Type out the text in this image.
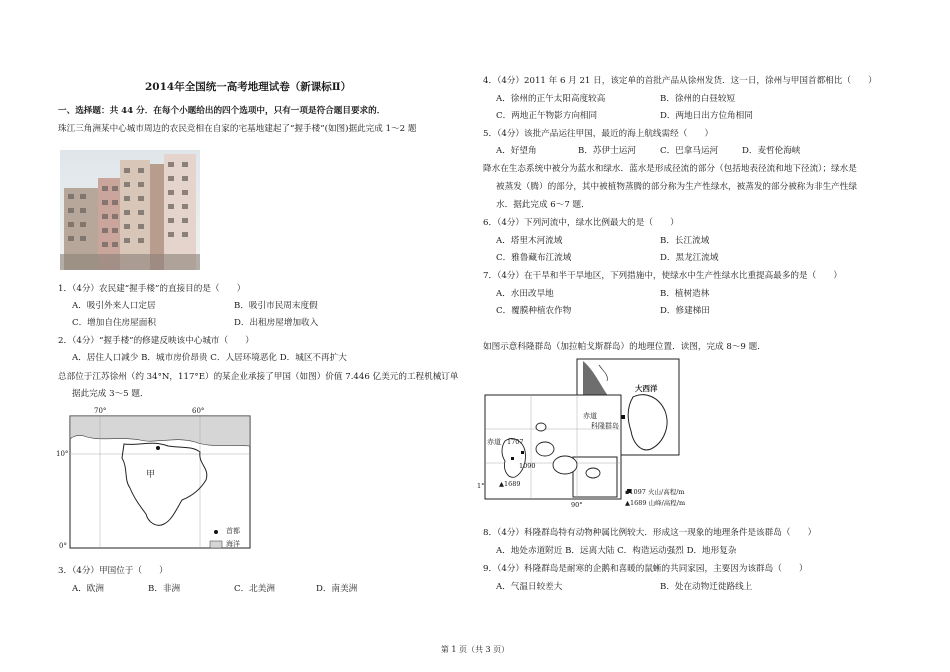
2014年全国统一高考地理试卷（新课标Ⅱ）
一、选择题：共 44 分．在每个小题给出的四个选项中，只有一项是符合题目要求的．
珠江三角洲某中心城市周边的农民竞相在自家的宅基地建起了“握手楼”(如图)据此完成 1～2 题
1．（4分）农民建“握手楼”的直接目的是（　　）
A．吸引外来人口定居	B．吸引市民周末度假
C．增加自住房屋面积	D．出租房屋增加收入
2．（4分）“握手楼”的修建反映该中心城市（　　）
A．居住人口减少 B．城市房价昂贵 C．人居环境恶化 D．城区不再扩大
总部位于江苏徐州（约 34°N，117°E）的某企业承接了甲国（如图）价值 7.446 亿美元的工程机械订单
据此完成 3～5 题．
70°	60°
10°
0°
甲
首都
海洋
3．（4分）甲国位于（　　）
A．欧洲	B．非洲	C．北美洲	D．南美洲
4．（4分）2011 年 6 月 21 日，该定单的首批产品从徐州发货．这一日，徐州与甲国首都相比（　　）
A．徐州的正午太阳高度较高	B．徐州的白昼较短
C．两地正午物影方向相同	D．两地日出方位角相同
5．（4分）该批产品运往甲国，最近的海上航线需经（　　）
A．好望角	B．苏伊士运河	C．巴拿马运河	D．麦哲伦海峡
降水在生态系统中被分为蓝水和绿水．蓝水是形成径流的部分（包括地表径流和地下径流）；绿水是
被蒸发（腾）的部分，其中被植物蒸腾的部分称为生产性绿水，被蒸发的部分被称为非生产性绿
水．据此完成 6～7 题．
6．（4分）下列河流中，绿水比例最大的是（　　）
A．塔里木河流域	B．长江流域
C．雅鲁藏布江流域	D．黑龙江流域
7．（4分）在干旱和半干旱地区，下列措施中，使绿水中生产性绿水比重提高最多的是（　　）
A．水田改旱地	B．植树造林
C．覆膜种植农作物	D．修建梯田
如图示意科隆群岛（加拉帕戈斯群岛）的地理位置．读图，完成 8～9 题．
大西洋
赤道
科隆群岛
赤道 1707
1090
▲1689
1°
90°
▪1097 火山/高程/m
▲1689 山峰/高程/m
8．（4分）科隆群岛特有动物种属比例较大．形成这一现象的地理条件是该群岛（　　）
A．地处赤道附近 B．远离大陆 C．构造运动强烈 D．地形复杂
9．（4分）科隆群岛是耐寒的企鹅和喜暖的鼠蜥的共同家园，主要因为该群岛（　　）
A．气温日较差大	B．处在动物迁徙路线上
第 1 页（共 3 页）
